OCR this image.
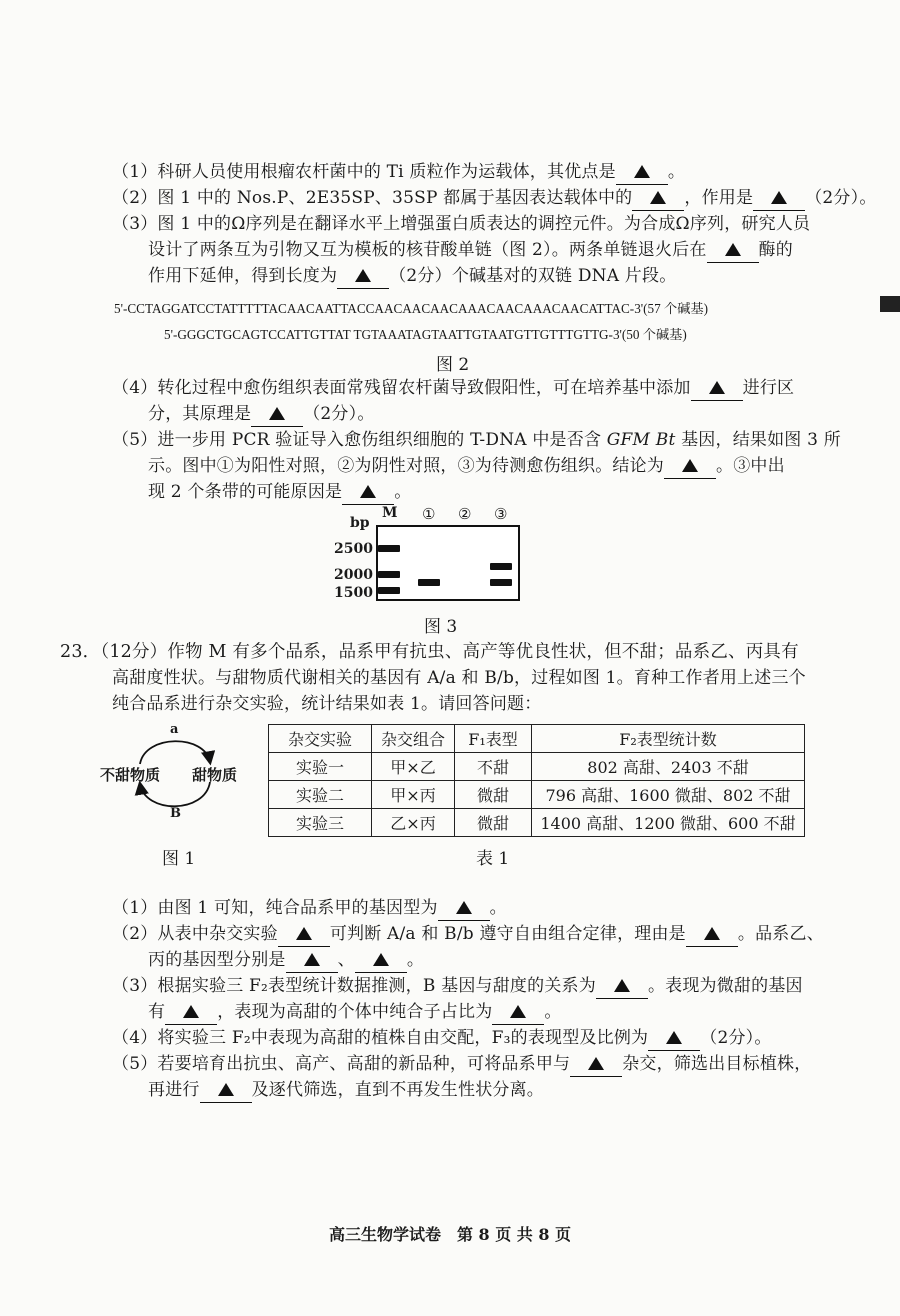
（1）科研人员使用根瘤农杆菌中的 Ti 质粒作为运载体，其优点是	。
（2）图 1 中的 Nos.P、2E35SP、35SP 都属于基因表达载体中的	，作用是	（2分）。
（3）图 1 中的Ω序列是在翻译水平上增强蛋白质表达的调控元件。为合成Ω序列，研究人员
设计了两条互为引物又互为模板的核苷酸单链（图 2）。两条单链退火后在	酶的
作用下延伸，得到长度为	（2分）个碱基对的双链 DNA 片段。
5'-CCTAGGATCCTATTTTTACAACAATTACCAACAACAACAAACAACAAACAACATTAC-3'(57 个碱基)
5'-GGGCTGCAGTCCATTGTTAT TGTAAATAGTAATTGTAATGTTGTTTGTTG-3'(50 个碱基)
图 2
（4）转化过程中愈伤组织表面常残留农杆菌导致假阳性，可在培养基中添加	进行区
分，其原理是	（2分）。
（5）进一步用 PCR 验证导入愈伤组织细胞的 T-DNA 中是否含 GFM Bt 基因，结果如图 3 所
示。图中①为阳性对照，②为阴性对照，③为待测愈伤组织。结论为	。③中出
现 2 个条带的可能原因是	。
bp
M ① ② ③
2500
2000
1500
图 3
23．（12分）作物 M 有多个品系，品系甲有抗虫、高产等优良性状，但不甜；品系乙、丙具有
高甜度性状。与甜物质代谢相关的基因有 A/a 和 B/b，过程如图 1。育种工作者用上述三个
纯合品系进行杂交实验，统计结果如表 1。请回答问题：
a
不甜物质 甜物质
B
图 1
杂交实验	杂交组合	F₁表型	F₂表型统计数
实验一	甲×乙	不甜	802 高甜、2403 不甜
实验二	甲×丙	微甜	796 高甜、1600 微甜、802 不甜
实验三	乙×丙	微甜	1400 高甜、1200 微甜、600 不甜
表 1
（1）由图 1 可知，纯合品系甲的基因型为	。
（2）从表中杂交实验	可判断 A/a 和 B/b 遵守自由组合定律，理由是	。品系乙、
丙的基因型分别是	、	。
（3）根据实验三 F₂表型统计数据推测，B 基因与甜度的关系为	。表现为微甜的基因
有	，表现为高甜的个体中纯合子占比为	。
（4）将实验三 F₂中表现为高甜的植株自由交配，F₃的表现型及比例为	（2分）。
（5）若要培育出抗虫、高产、高甜的新品种，可将品系甲与	杂交，筛选出目标植株，
再进行	及逐代筛选，直到不再发生性状分离。
高三生物学试卷　第 8 页 共 8 页
